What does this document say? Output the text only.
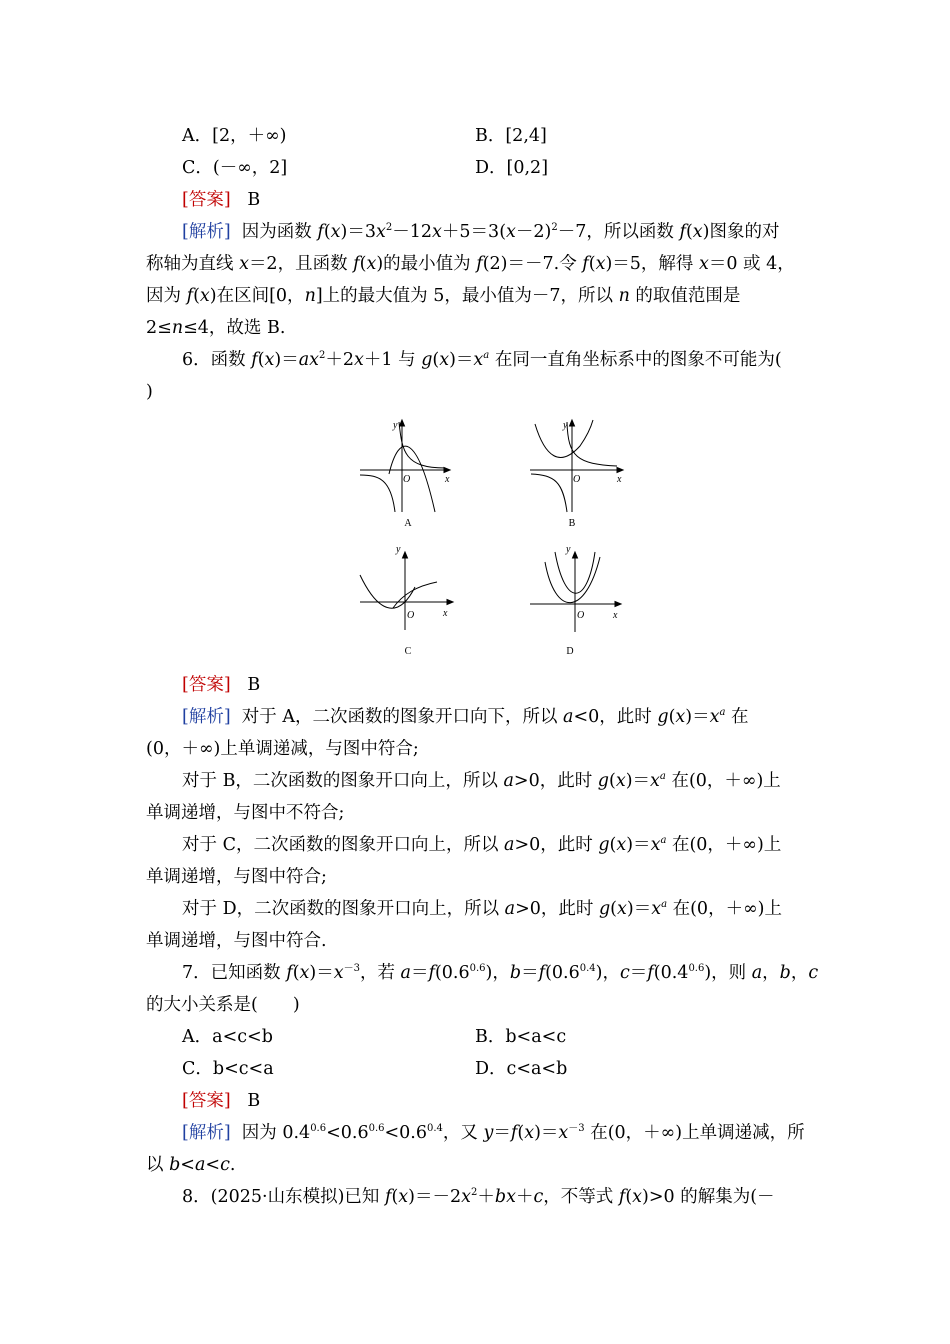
A．[2，＋∞)	B．[2,4]
C．(－∞，2]	D．[0,2]
[答案] B
[解析]  因为函数 $f(x)=3x^2-12x+5=3(x-2)^2-7$，所以函数 f(x)图象的对
称轴为直线 x＝2，且函数 f(x)的最小值为 f(2)＝－7.令 f(x)＝5，解得 x＝0 或 4，
因为 f(x)在区间[0，n]上的最大值为 5，最小值为－7，所以 n 的取值范围是
2≤n≤4，故选 B.
6．函数 $f(x)=ax^2+2x+1$ 与 $g(x)=x^a$ 在同一直角坐标系中的图象不可能为(
)
y
x
O
y
x
O
y
x
O
y
x
O
A	B
C	D
[答案] B
[解析]  对于 A，二次函数的图象开口向下，所以 a<0，此时 $g(x)=x^a$ 在
(0，＋∞)上单调递减，与图中符合;
对于 B，二次函数的图象开口向上，所以 a>0，此时 $g(x)=x^a$ 在(0，＋∞)上
单调递增，与图中不符合;
对于 C，二次函数的图象开口向上，所以 a>0，此时 $g(x)=x^a$ 在(0，＋∞)上
单调递增，与图中符合;
对于 D，二次函数的图象开口向上，所以 a>0，此时 $g(x)=x^a$ 在(0，＋∞)上
单调递增，与图中符合.
7．已知函数 $f(x)=x^{-3}$，若 $a=f(0.6^{0.6})$，$b=f(0.6^{0.4})$，$c=f(0.4^{0.6})$，则 a，b，c
的大小关系是(　　)
A．a<c<b	B．b<a<c
C．b<c<a	D．c<a<b
[答案] B
[解析]  因为 $0.4^{0.6}<0.6^{0.6}<0.6^{0.4}$，又 $y=f(x)=x^{-3}$ 在(0，＋∞)上单调递减，所
以 b<a<c.
8．(2025·山东模拟)已知 $f(x)=-2x^2+bx+c$，不等式 f(x)>0 的解集为(－
